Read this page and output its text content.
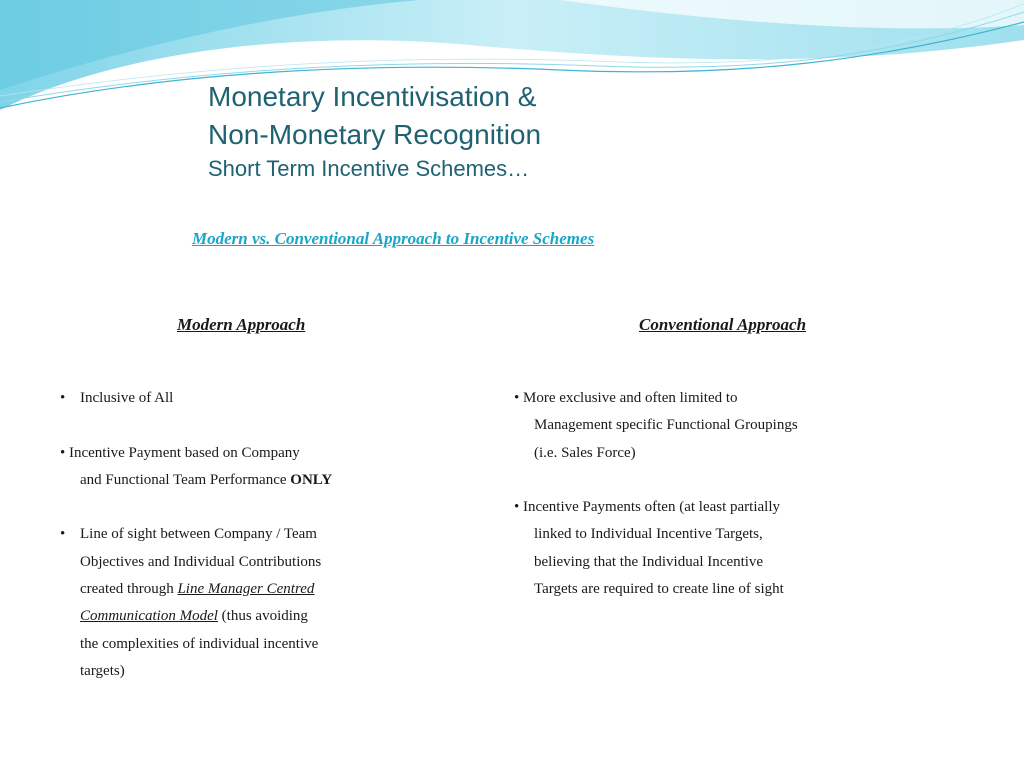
Monetary Incentivisation &
Non-Monetary Recognition
Short Term Incentive Schemes…
Modern vs. Conventional Approach to Incentive Schemes
Modern Approach	Conventional Approach
• Inclusive of All
• Incentive Payment based on Company
and Functional Team Performance ONLY
• Line of sight between Company / Team
Objectives and Individual Contributions
created through Line Manager Centred
Communication Model (thus avoiding
the complexities of individual incentive
targets)
• More exclusive and often limited to
Management specific Functional Groupings
(i.e. Sales Force)
• Incentive Payments often (at least partially
linked to Individual Incentive Targets,
believing that the Individual Incentive
Targets are required to create line of sight
